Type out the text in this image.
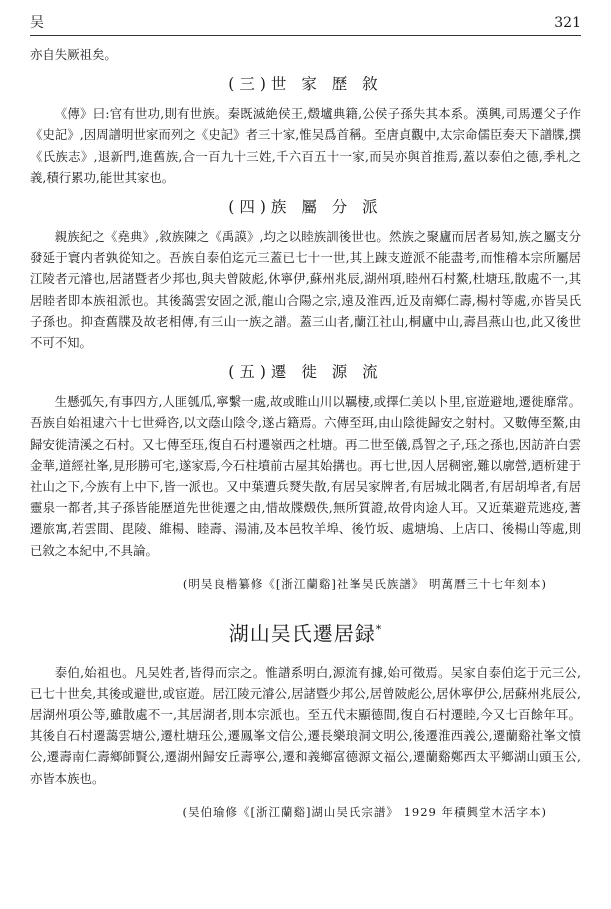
吴	321

亦自失厥祖矣。

(三)世 家 歷 敘

《傳》曰:官有世功,則有世族。秦既滅絶侯王,燬壚典籍,公侯子孫失其本系。漢興,司馬遷父子作《史記》,因周譜明世家而列之《史記》者三十家,惟吴爲首稱。至唐貞觀中,太宗命儒臣奏天下譜牒,撰《氏族志》,退新門,進舊族,合一百九十三姓,千六百五十一家,而吴亦與首推焉,蓋以泰伯之德,季札之義,積行累功,能世其家也。

(四)族 屬 分 派

親族紀之《堯典》,敘族陳之《禹謨》,均之以睦族訓後世也。然族之聚廬而居者易知,族之屬支分發延于寰内者孰從知之。吾族自泰伯迄元三蓋已七十一世,其上踈支遊派不能盡考,而惟稽本宗所屬居江陵者元濬也,居諸暨者少邦也,與夫曾陂彪,休寧伊,蘇州兆辰,湖州項,睦州石村鰲,杜塘珏,散處不一,其居睦者即本族祖派也。其後藹雲安固之派,龍山合陽之宗,遠及淮西,近及南鄉仁壽,楊村等處,亦皆吴氏子孫也。抑查舊牒及故老相傳,有三山一族之譜。蓋三山者,蘭江社山,桐廬中山,壽昌燕山也,此又後世不可不知。

(五)遷 徙 源 流

生懸弧矢,有事四方,人匪瓠瓜,寧繫一處,故或睢山川以羈棲,或擇仁美以卜里,宦遊避地,遷徙靡常。吾族自始祖逮六十七世舜咨,以文蔭山陰令,遂占籍焉。六傳至珥,由山陰徙歸安之射村。又數傳至鰲,由歸安徙清溪之石村。又七傳至珏,復自石村遷嶺西之杜塘。再二世至儀,爲智之子,珏之孫也,因訪許白雲金華,道經社峯,見形勝可宅,遂家焉,今石柱墳前古屋其始搆也。再七世,因人居稠密,難以廓營,迺析建于社山之下,今族有上中下,皆一派也。又中葉遭兵燹失散,有居吴家牌者,有居城北隅者,有居胡埠者,有居靈泉一都者,其子孫皆能歷道先世徙遷之由,惜故牒燬佚,無所質證,故骨肉途人耳。又近葉避荒逃疫,蓍遷旅寓,若雲間、毘陵、維楊、睦壽、湯浦,及本邑牧羊埠、後竹坂、處塘塢、上店口、後楊山等處,則已敘之本紀中,不具論。

(明吴良楷纂修《[浙江蘭谿]社峯吴氏族譜》 明萬曆三十七年刻本)
湖山吴氏遷居録*

泰伯,始祖也。凡吴姓者,皆得而宗之。惟譜系明白,源流有據,始可徵焉。吴家自泰伯迄于元三公,已七十世矣,其後或避世,或宦遊。居江陵元濬公,居諸暨少邦公,居曾陂彪公,居休寧伊公,居蘇州兆辰公,居湖州項公等,雖散處不一,其居湖者,則本宗派也。至五代末顯德間,復自石村遷睦,今又七百餘年耳。其後自石村遷藹雲塘公,遷杜塘珏公,遷鳳峯文信公,遷長樂琅洞文明公,後遷淮西義公,遷蘭谿社峯文憤公,遷壽南仁壽鄉師賢公,遷湖州歸安丘壽寧公,遷和義鄉富德源文福公,遷蘭谿鄭西太平鄉湖山頭玉公,亦皆本族也。

(吴伯瑜修《[浙江蘭谿]湖山吴氏宗譜》 1929 年積興堂木活字本)
